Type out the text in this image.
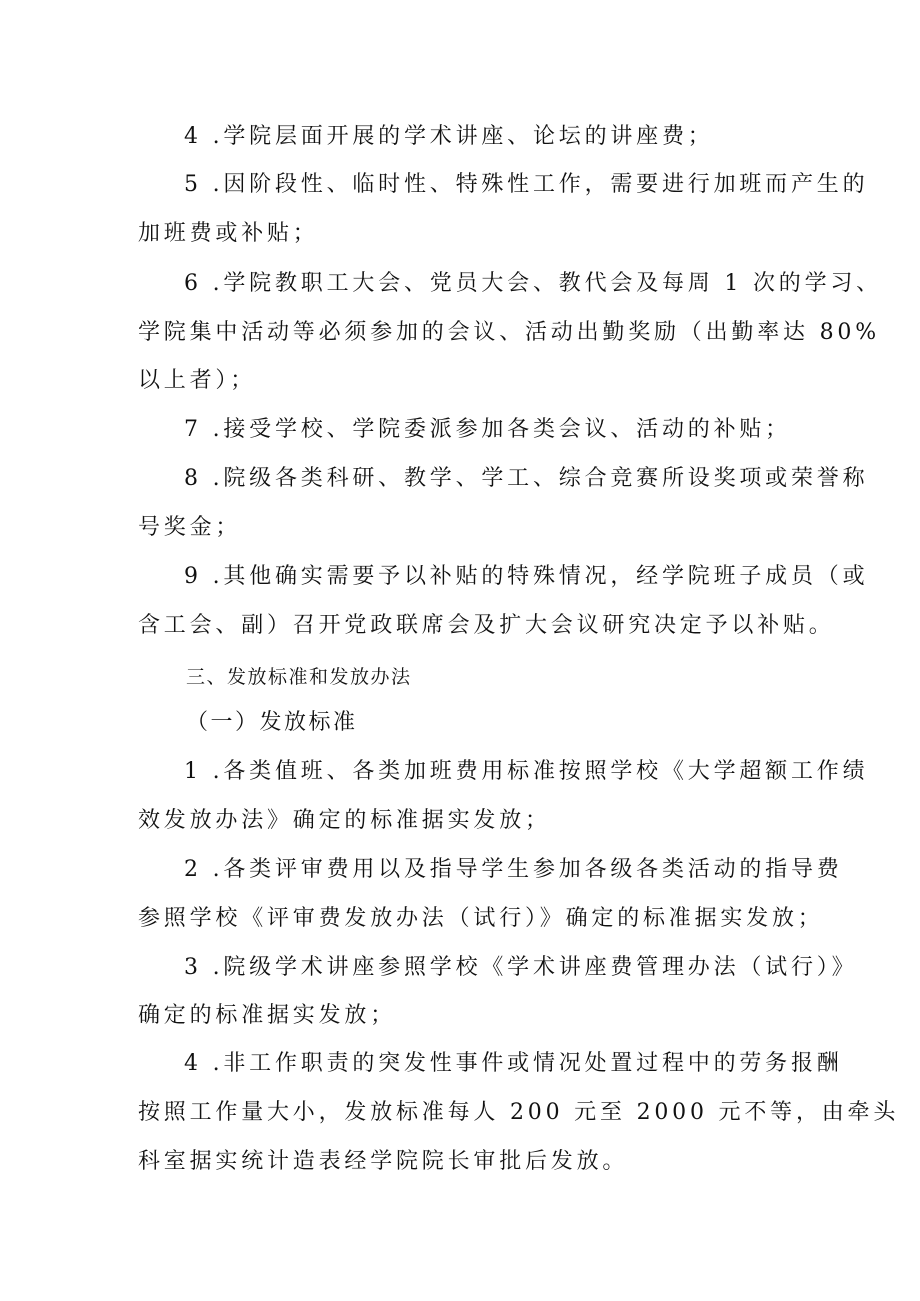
4 .学院层面开展的学术讲座、论坛的讲座费；
5 .因阶段性、临时性、特殊性工作，需要进行加班而产生的
加班费或补贴；
6 .学院教职工大会、党员大会、教代会及每周 1 次的学习、
学院集中活动等必须参加的会议、活动出勤奖励（出勤率达 80%
以上者）；
7 .接受学校、学院委派参加各类会议、活动的补贴；
8 .院级各类科研、教学、学工、综合竞赛所设奖项或荣誉称
号奖金；
9 .其他确实需要予以补贴的特殊情况，经学院班子成员（或
含工会、副）召开党政联席会及扩大会议研究决定予以补贴。
三、发放标准和发放办法
（一）发放标准
1 .各类值班、各类加班费用标准按照学校《大学超额工作绩
效发放办法》确定的标准据实发放；
2 .各类评审费用以及指导学生参加各级各类活动的指导费
参照学校《评审费发放办法（试行）》确定的标准据实发放；
3 .院级学术讲座参照学校《学术讲座费管理办法（试行）》
确定的标准据实发放；
4 .非工作职责的突发性事件或情况处置过程中的劳务报酬
按照工作量大小，发放标准每人 200 元至 2000 元不等，由牵头
科室据实统计造表经学院院长审批后发放。
